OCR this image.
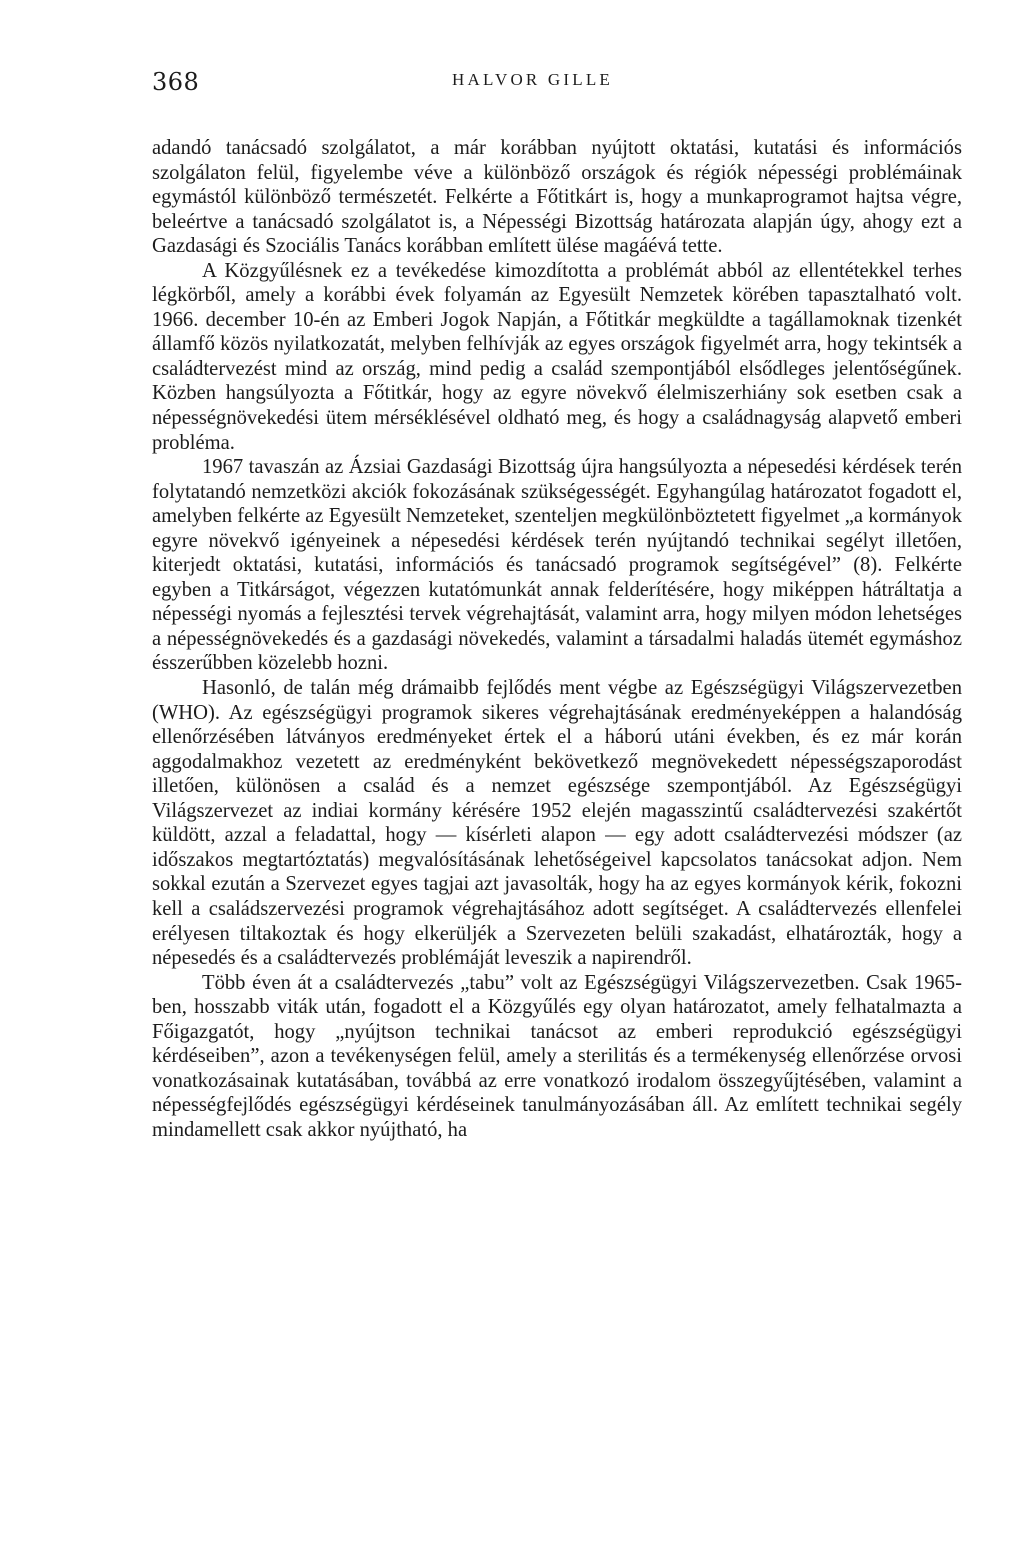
368	HALVOR GILLE

adandó tanácsadó szolgálatot, a már korábban nyújtott oktatási, kutatási és információs szolgálaton felül, figyelembe véve a különböző országok és régiók népességi problémáinak egymástól különböző természetét. Felkérte a Főtitkárt is, hogy a munkaprogramot hajtsa végre, beleértve a tanácsadó szolgálatot is, a Népességi Bizottság határozata alapján úgy, ahogy ezt a Gazdasági és Szociális Tanács korábban említett ülése magáévá tette.

A Közgyűlésnek ez a tevékedése kimozdította a problémát abból az ellentétekkel terhes légkörből, amely a korábbi évek folyamán az Egyesült Nemzetek körében tapasztalható volt. 1966. december 10-én az Emberi Jogok Napján, a Főtitkár megküldte a tagállamoknak tizenkét államfő közös nyilatkozatát, melyben felhívják az egyes országok figyelmét arra, hogy tekintsék a családtervezést mind az ország, mind pedig a család szempontjából elsődleges jelentőségűnek. Közben hangsúlyozta a Főtitkár, hogy az egyre növekvő élelmiszerhiány sok esetben csak a népességnövekedési ütem mérséklésével oldható meg, és hogy a családnagyság alapvető emberi probléma.

1967 tavaszán az Ázsiai Gazdasági Bizottság újra hangsúlyozta a népesedési kérdések terén folytatandó nemzetközi akciók fokozásának szükségességét. Egyhangúlag határozatot fogadott el, amelyben felkérte az Egyesült Nemzeteket, szenteljen megkülönböztetett figyelmet „a kormányok egyre növekvő igényeinek a népesedési kérdések terén nyújtandó technikai segélyt illetően, kiterjedt oktatási, kutatási, információs és tanácsadó programok segítségével” (8). Felkérte egyben a Titkárságot, végezzen kutatómunkát annak felderítésére, hogy miképpen hátráltatja a népességi nyomás a fejlesztési tervek végrehajtását, valamint arra, hogy milyen módon lehetséges a népességnövekedés és a gazdasági növekedés, valamint a társadalmi haladás ütemét egymáshoz ésszerűbben közelebb hozni.

Hasonló, de talán még drámaibb fejlődés ment végbe az Egészségügyi Világszervezetben (WHO). Az egészségügyi programok sikeres végrehajtásának eredményeképpen a halandóság ellenőrzésében látványos eredményeket értek el a háború utáni években, és ez már korán aggodalmakhoz vezetett az eredményként bekövetkező megnövekedett népességszaporodást illetően, különösen a család és a nemzet egészsége szempontjából. Az Egészségügyi Világszervezet az indiai kormány kérésére 1952 elején magasszintű családtervezési szakértőt küldött, azzal a feladattal, hogy — kísérleti alapon — egy adott családtervezési módszer (az időszakos megtartóztatás) megvalósításának lehetőségeivel kapcsolatos tanácsokat adjon. Nem sokkal ezután a Szervezet egyes tagjai azt javasolták, hogy ha az egyes kormányok kérik, fokozni kell a családszervezési programok végrehajtásához adott segítséget. A családtervezés ellenfelei erélyesen tiltakoztak és hogy elkerüljék a Szervezeten belüli szakadást, elhatározták, hogy a népesedés és a családtervezés problémáját leveszik a napirendről.

Több éven át a családtervezés „tabu” volt az Egészségügyi Világszervezetben. Csak 1965-ben, hosszabb viták után, fogadott el a Közgyűlés egy olyan határozatot, amely felhatalmazta a Főigazgatót, hogy „nyújtson technikai tanácsot az emberi reprodukció egészségügyi kérdéseiben”, azon a tevékenységen felül, amely a sterilitás és a termékenység ellenőrzése orvosi vonatkozásainak kutatásában, továbbá az erre vonatkozó irodalom összegyűjtésében, valamint a népességfejlődés egészségügyi kérdéseinek tanulmányozásában áll. Az említett technikai segély mindamellett csak akkor nyújtható, ha
